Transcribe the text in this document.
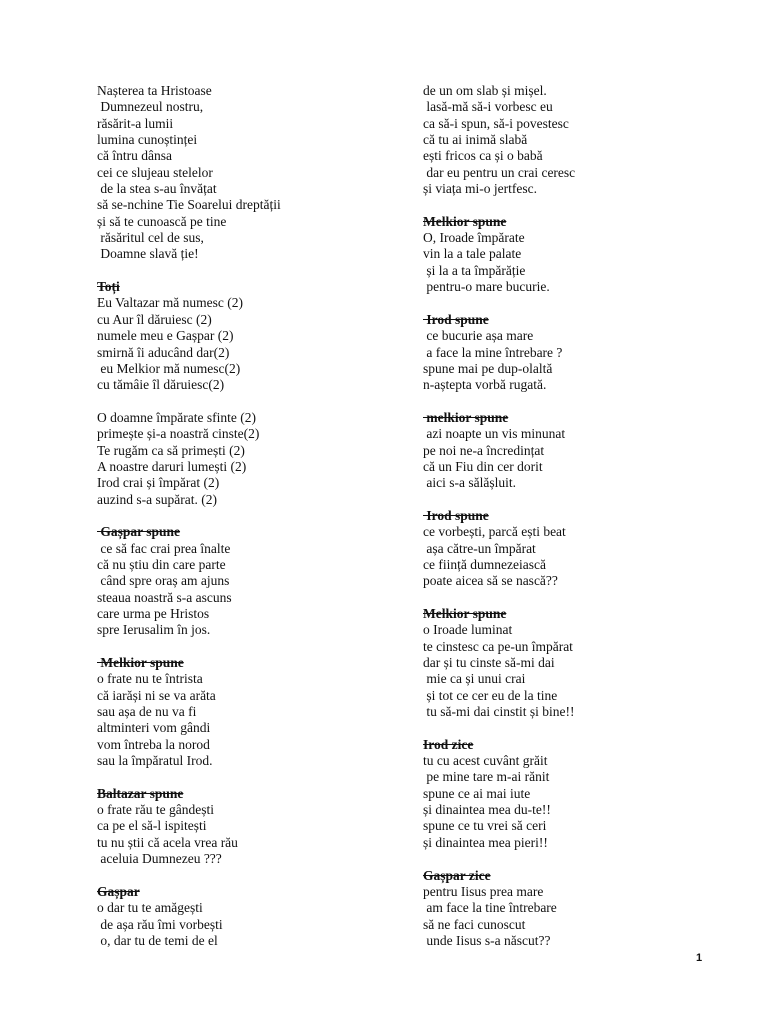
Nașterea ta Hristoase
Dumnezeul nostru,
răsărit-a lumii
lumina cunoștinței
că întru dânsa
cei ce slujeau stelelor
de la stea s-au învățat
să se-nchine Tie Soarelui dreptății
și să te cunoască pe tine
răsăritul cel de sus,
Doamne slavă ție!
Toți
Eu Valtazar mă numesc (2)
cu Aur îl dăruiesc (2)
numele meu e Gașpar (2)
smirnă îi aducând dar(2)
eu Melkior mă numesc(2)
cu tămâie îl dăruiesc(2)
O doamne împărate sfinte (2)
primește și-a noastră cinste(2)
Te rugăm ca să primești (2)
A noastre daruri lumești (2)
Irod crai și împărat (2)
auzind s-a supărat. (2)
Gașpar spune
ce să fac crai prea înalte
că nu știu din care parte
când spre oraș am ajuns
steaua noastră s-a ascuns
care urma pe Hristos
spre Ierusalim în jos.
Melkior spune
o frate nu te întrista
că iarăși ni se va arăta
sau așa de nu va fi
altminteri vom gândi
vom întreba la norod
sau la împăratul Irod.
Baltazar spune
o frate rău te gândești
ca pe el să-l ispitești
tu nu știi că acela vrea rău
aceluia Dumnezeu ???
Gașpar
o dar tu te amăgești
de așa rău îmi vorbești
o, dar tu de temi de el
de un om slab și mișel.
lasă-mă să-i vorbesc eu
ca să-i spun, să-i povestesc
că tu ai inimă slabă
ești fricos ca și o babă
dar eu pentru un crai ceresc
și viața mi-o jertfesc.
Melkior spune
O, Iroade împărate
vin la a tale palate
și la a ta împărăție
pentru-o mare bucurie.
Irod spune
ce bucurie așa mare
a face la mine întrebare ?
spune mai pe dup-olaltă
n-aștepta vorbă rugată.
melkior spune
azi noapte un vis minunat
pe noi ne-a încredințat
că un Fiu din cer dorit
aici s-a sălășluit.
Irod spune
ce vorbești, parcă ești beat
așa către-un împărat
ce ființă dumnezeiască
poate aicea să se nască??
Melkior spune
o Iroade luminat
te cinstesc ca pe-un împărat
dar și tu cinste să-mi dai
mie ca și unui crai
și tot ce cer eu de la tine
tu să-mi dai cinstit și bine!!
Irod zice
tu cu acest cuvânt grăit
pe mine tare m-ai rănit
spune ce ai mai iute
și dinaintea mea du-te!!
spune ce tu vrei să ceri
și dinaintea mea pieri!!
Gașpar zice
pentru Iisus prea mare
am face la tine întrebare
să ne faci cunoscut
unde Iisus s-a născut??
1
